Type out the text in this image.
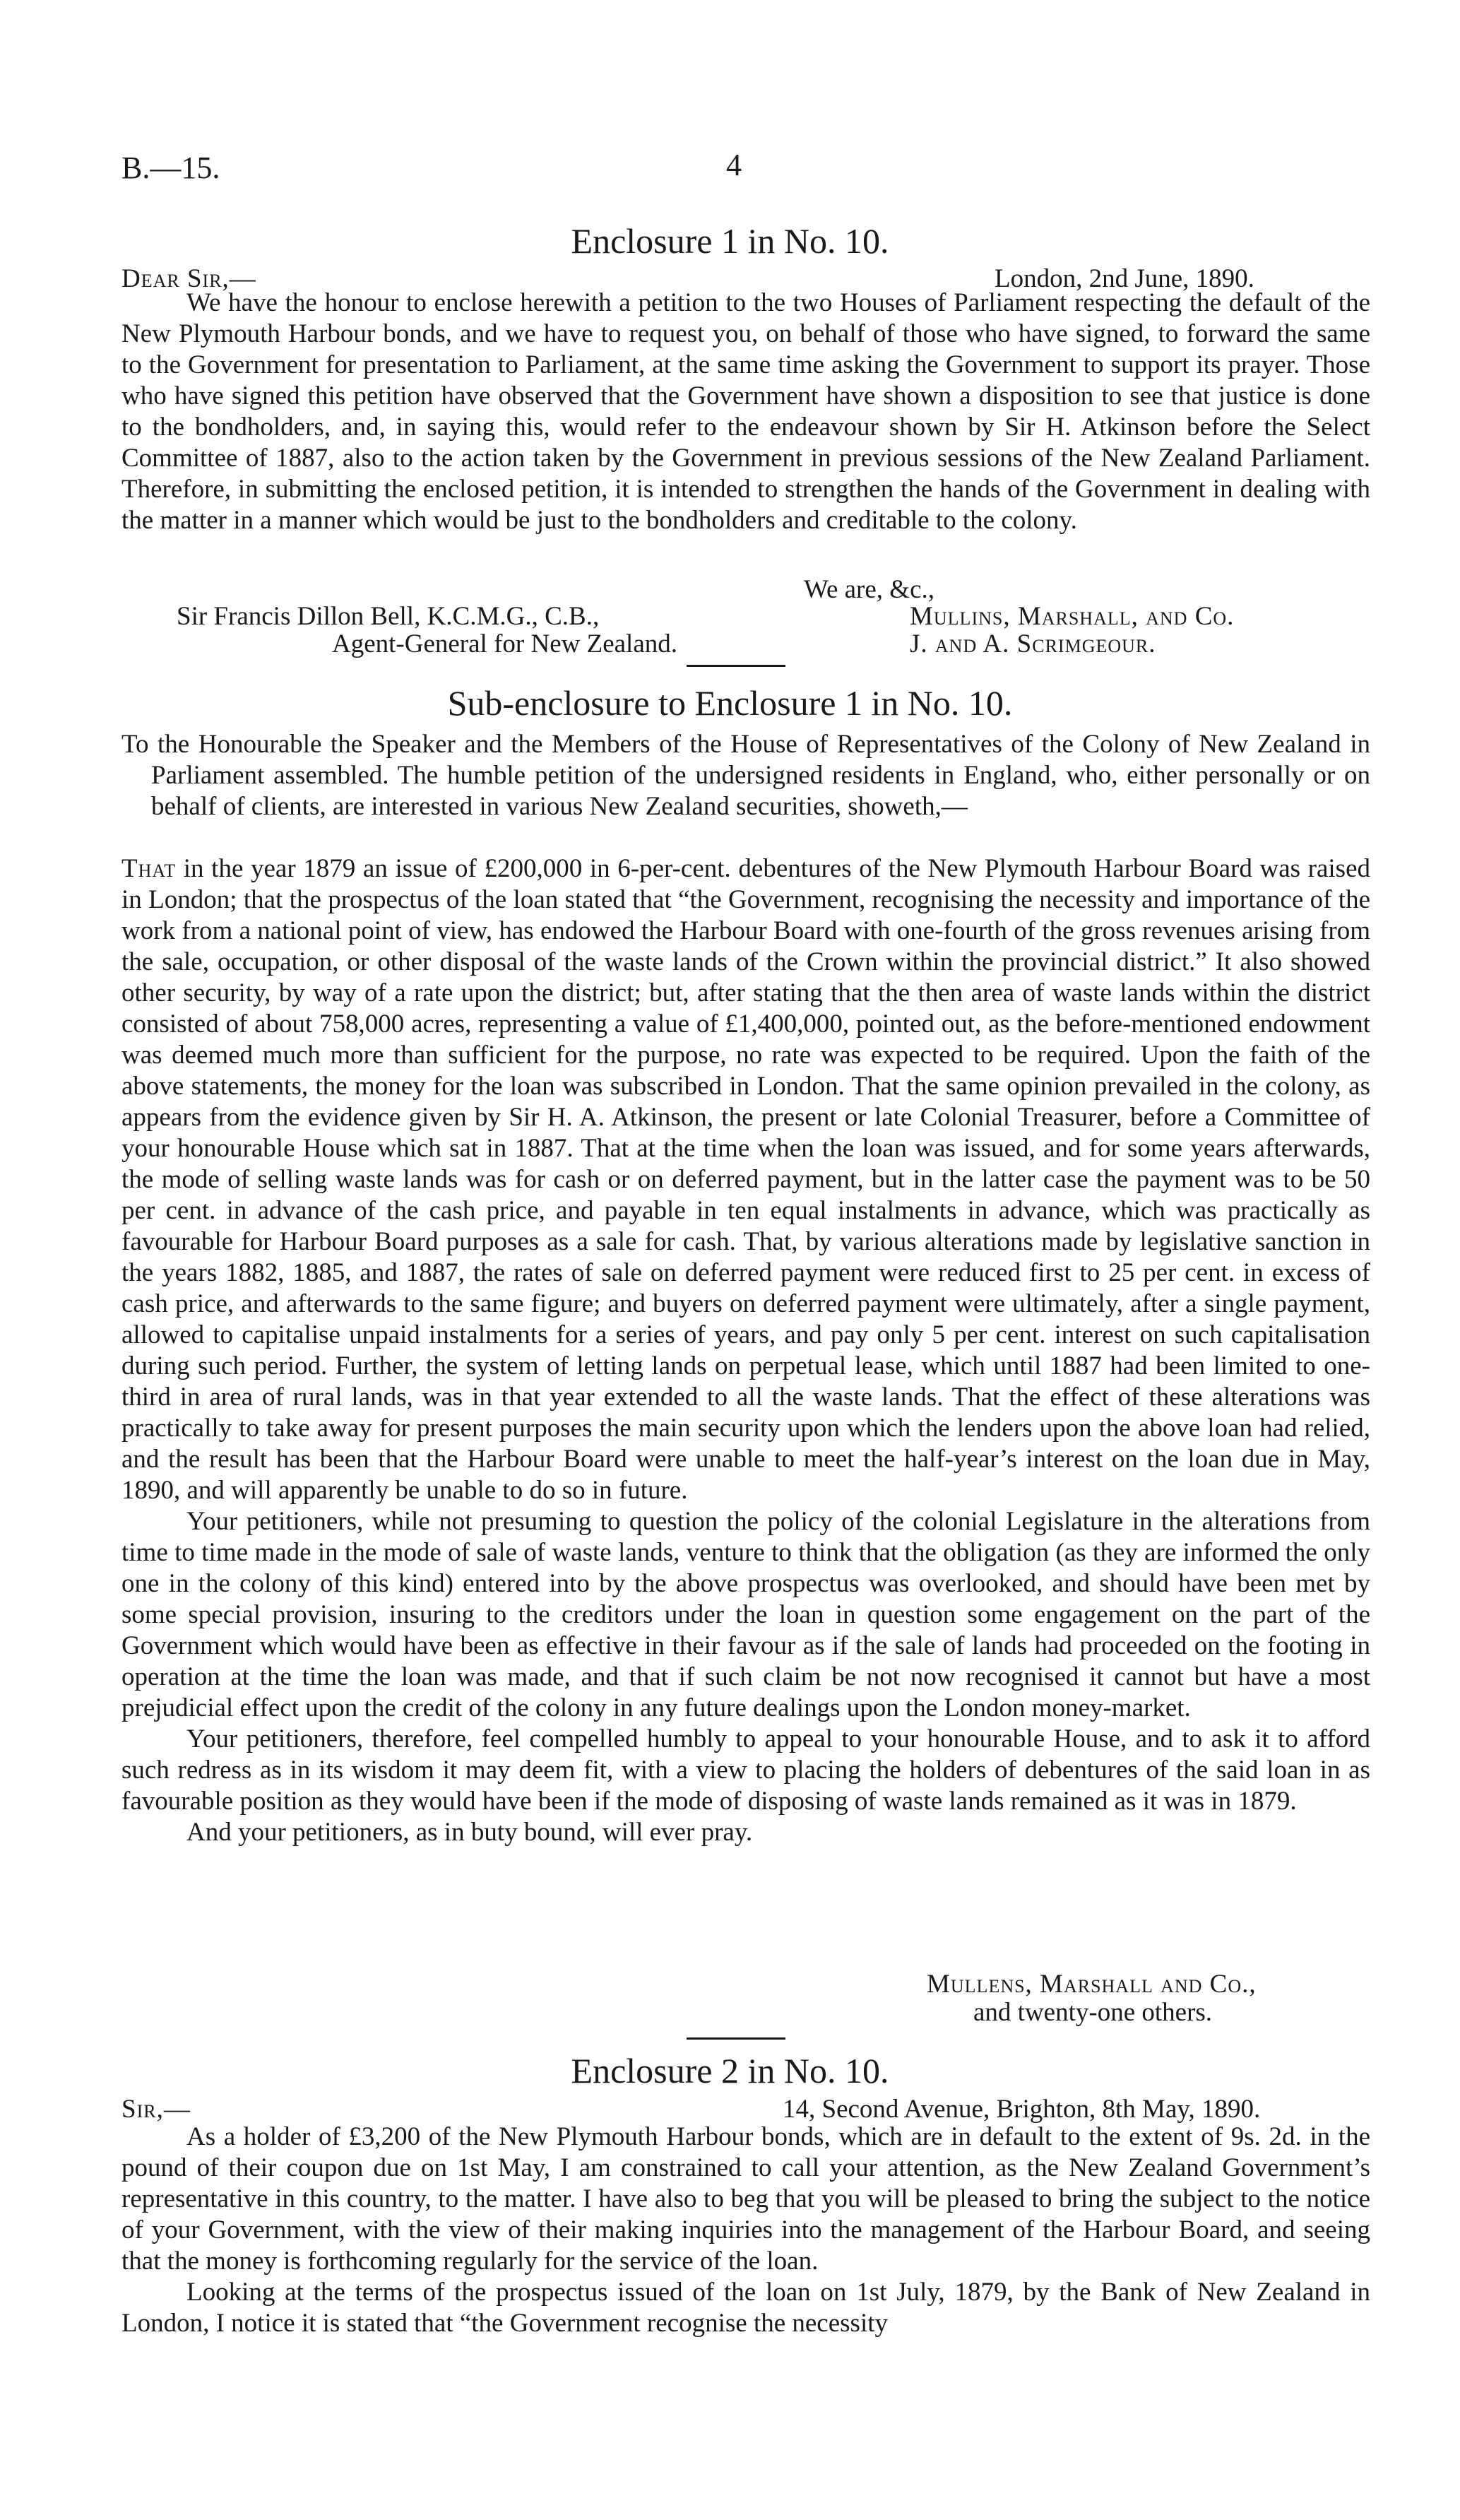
B.—15.	4
Enclosure 1 in No. 10.
Dear Sir,—	London, 2nd June, 1890.

We have the honour to enclose herewith a petition to the two Houses of Parliament respecting the default of the New Plymouth Harbour bonds, and we have to request you, on behalf of those who have signed, to forward the same to the Government for presentation to Parliament, at the same time asking the Government to support its prayer. Those who have signed this petition have observed that the Government have shown a disposition to see that justice is done to the bondholders, and, in saying this, would refer to the endeavour shown by Sir H. Atkinson before the Select Committee of 1887, also to the action taken by the Government in previous sessions of the New Zealand Parliament. Therefore, in submitting the enclosed petition, it is intended to strengthen the hands of the Government in dealing with the matter in a manner which would be just to the bondholders and creditable to the colony.

We are, &c.,
Sir Francis Dillon Bell, K.C.M.G., C.B.,
Agent-General for New Zealand.
Mullins, Marshall, and Co.
J. and A. Scrimgeour.
Sub-enclosure to Enclosure 1 in No. 10.
To the Honourable the Speaker and the Members of the House of Representatives of the Colony of New Zealand in Parliament assembled. The humble petition of the undersigned residents in England, who, either personally or on behalf of clients, are interested in various New Zealand securities, showeth,—

That in the year 1879 an issue of £200,000 in 6-per-cent. debentures of the New Plymouth Harbour Board was raised in London; that the prospectus of the loan stated that “the Government, recognising the necessity and importance of the work from a national point of view, has endowed the Harbour Board with one-fourth of the gross revenues arising from the sale, occupation, or other disposal of the waste lands of the Crown within the provincial district.” It also showed other security, by way of a rate upon the district; but, after stating that the then area of waste lands within the district consisted of about 758,000 acres, representing a value of £1,400,000, pointed out, as the before-mentioned endowment was deemed much more than sufficient for the purpose, no rate was expected to be required. Upon the faith of the above statements, the money for the loan was subscribed in London. That the same opinion prevailed in the colony, as appears from the evidence given by Sir H. A. Atkinson, the present or late Colonial Treasurer, before a Committee of your honourable House which sat in 1887. That at the time when the loan was issued, and for some years afterwards, the mode of selling waste lands was for cash or on deferred payment, but in the latter case the payment was to be 50 per cent. in advance of the cash price, and payable in ten equal instalments in advance, which was practically as favourable for Harbour Board purposes as a sale for cash. That, by various alterations made by legislative sanction in the years 1882, 1885, and 1887, the rates of sale on deferred payment were reduced first to 25 per cent. in excess of cash price, and afterwards to the same figure; and buyers on deferred payment were ultimately, after a single payment, allowed to capitalise unpaid instalments for a series of years, and pay only 5 per cent. interest on such capitalisation during such period. Further, the system of letting lands on perpetual lease, which until 1887 had been limited to one-third in area of rural lands, was in that year extended to all the waste lands. That the effect of these alterations was practically to take away for present purposes the main security upon which the lenders upon the above loan had relied, and the result has been that the Harbour Board were unable to meet the half-year’s interest on the loan due in May, 1890, and will apparently be unable to do so in future.

Your petitioners, while not presuming to question the policy of the colonial Legislature in the alterations from time to time made in the mode of sale of waste lands, venture to think that the obligation (as they are informed the only one in the colony of this kind) entered into by the above prospectus was overlooked, and should have been met by some special provision, insuring to the creditors under the loan in question some engagement on the part of the Government which would have been as effective in their favour as if the sale of lands had proceeded on the footing in operation at the time the loan was made, and that if such claim be not now recognised it cannot but have a most prejudicial effect upon the credit of the colony in any future dealings upon the London money-market.

Your petitioners, therefore, feel compelled humbly to appeal to your honourable House, and to ask it to afford such redress as in its wisdom it may deem fit, with a view to placing the holders of debentures of the said loan in as favourable position as they would have been if the mode of disposing of waste lands remained as it was in 1879.

And your petitioners, as in buty bound, will ever pray.

Mullens, Marshall and Co.,
and twenty-one others.
Enclosure 2 in No. 10.
Sir,—	14, Second Avenue, Brighton, 8th May, 1890.

As a holder of £3,200 of the New Plymouth Harbour bonds, which are in default to the extent of 9s. 2d. in the pound of their coupon due on 1st May, I am constrained to call your attention, as the New Zealand Government’s representative in this country, to the matter. I have also to beg that you will be pleased to bring the subject to the notice of your Government, with the view of their making inquiries into the management of the Harbour Board, and seeing that the money is forthcoming regularly for the service of the loan.

Looking at the terms of the prospectus issued of the loan on 1st July, 1879, by the Bank of New Zealand in London, I notice it is stated that “the Government recognise the necessity
